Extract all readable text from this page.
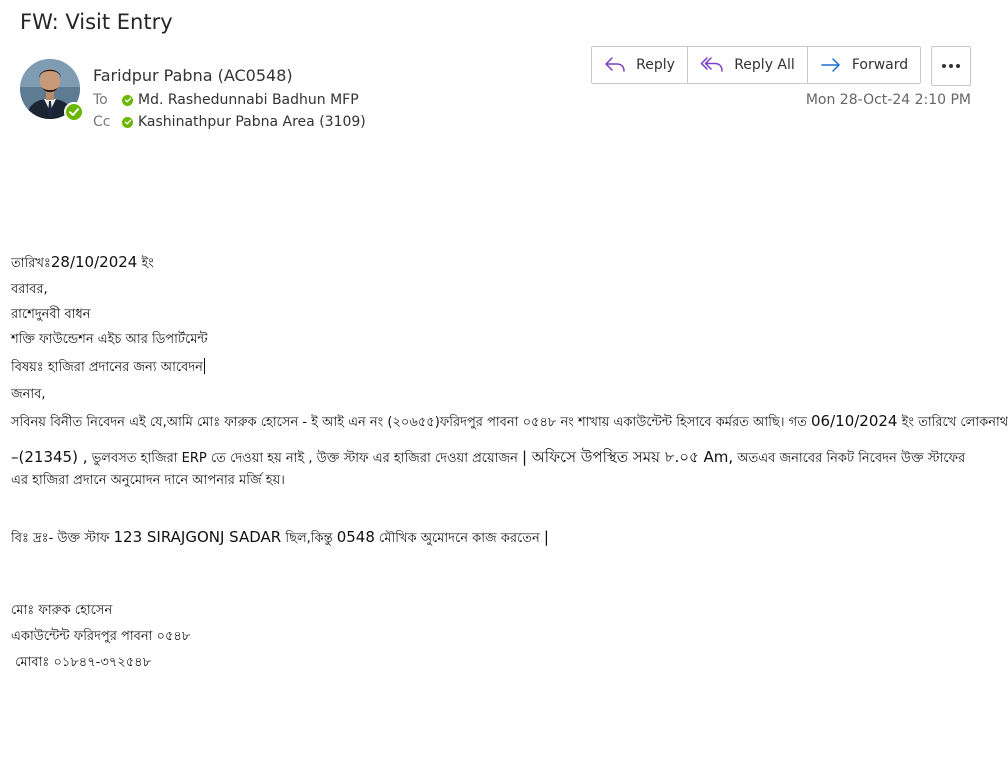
FW: Visit Entry
Faridpur Pabna (AC0548)
To	Md. Rashedunnabi Badhun MFP
Cc	Kashinathpur Pabna Area (3109)
Reply	Reply All	Forward
Mon 28-Oct-24 2:10 PM
তারিখঃ28/10/2024 ইং
বরাবর,
রাশেদুনবী বাধন
শক্তি ফাউন্ডেশন এইচ আর ডিপার্টমেন্ট
বিষয়ঃ হাজিরা প্রদানের জন্য আবেদন
জনাব,
সবিনয় বিনীত নিবেদন এই যে,আমি মোঃ ফারুক হোসেন - ই আই এন নং (২০৬৫৫)ফরিদপুর পাবনা ০৫৪৮ নং শাখায় একাউন্টেন্ট হিসাবে কর্মরত আছি। গত 06/10/2024 ইং তারিখে লোকনাথ
–(21345) , ভুলবসত হাজিরা ERP তে দেওয়া হয় নাই , উক্ত স্টাফ এর হাজিরা দেওয়া প্রয়োজন | অফিসে উপস্থিত সময় ৮.০৫ Am, অতএব জনাবের নিকট নিবেদন উক্ত স্টাফের
এর হাজিরা প্রদানে অনুমোদন দানে আপনার মর্জি হয়।
বিঃ দ্রঃ- উক্ত স্টাফ 123 SIRAJGONJ SADAR ছিল,কিন্তু 0548 মৌখিক অুমোদনে কাজ করতেন |
মোঃ ফারুক হোসেন
একাউন্টেন্ট ফরিদপুর পাবনা ০৫৪৮
মোবাঃ ০১৮৪৭-৩৭২৫৪৮
